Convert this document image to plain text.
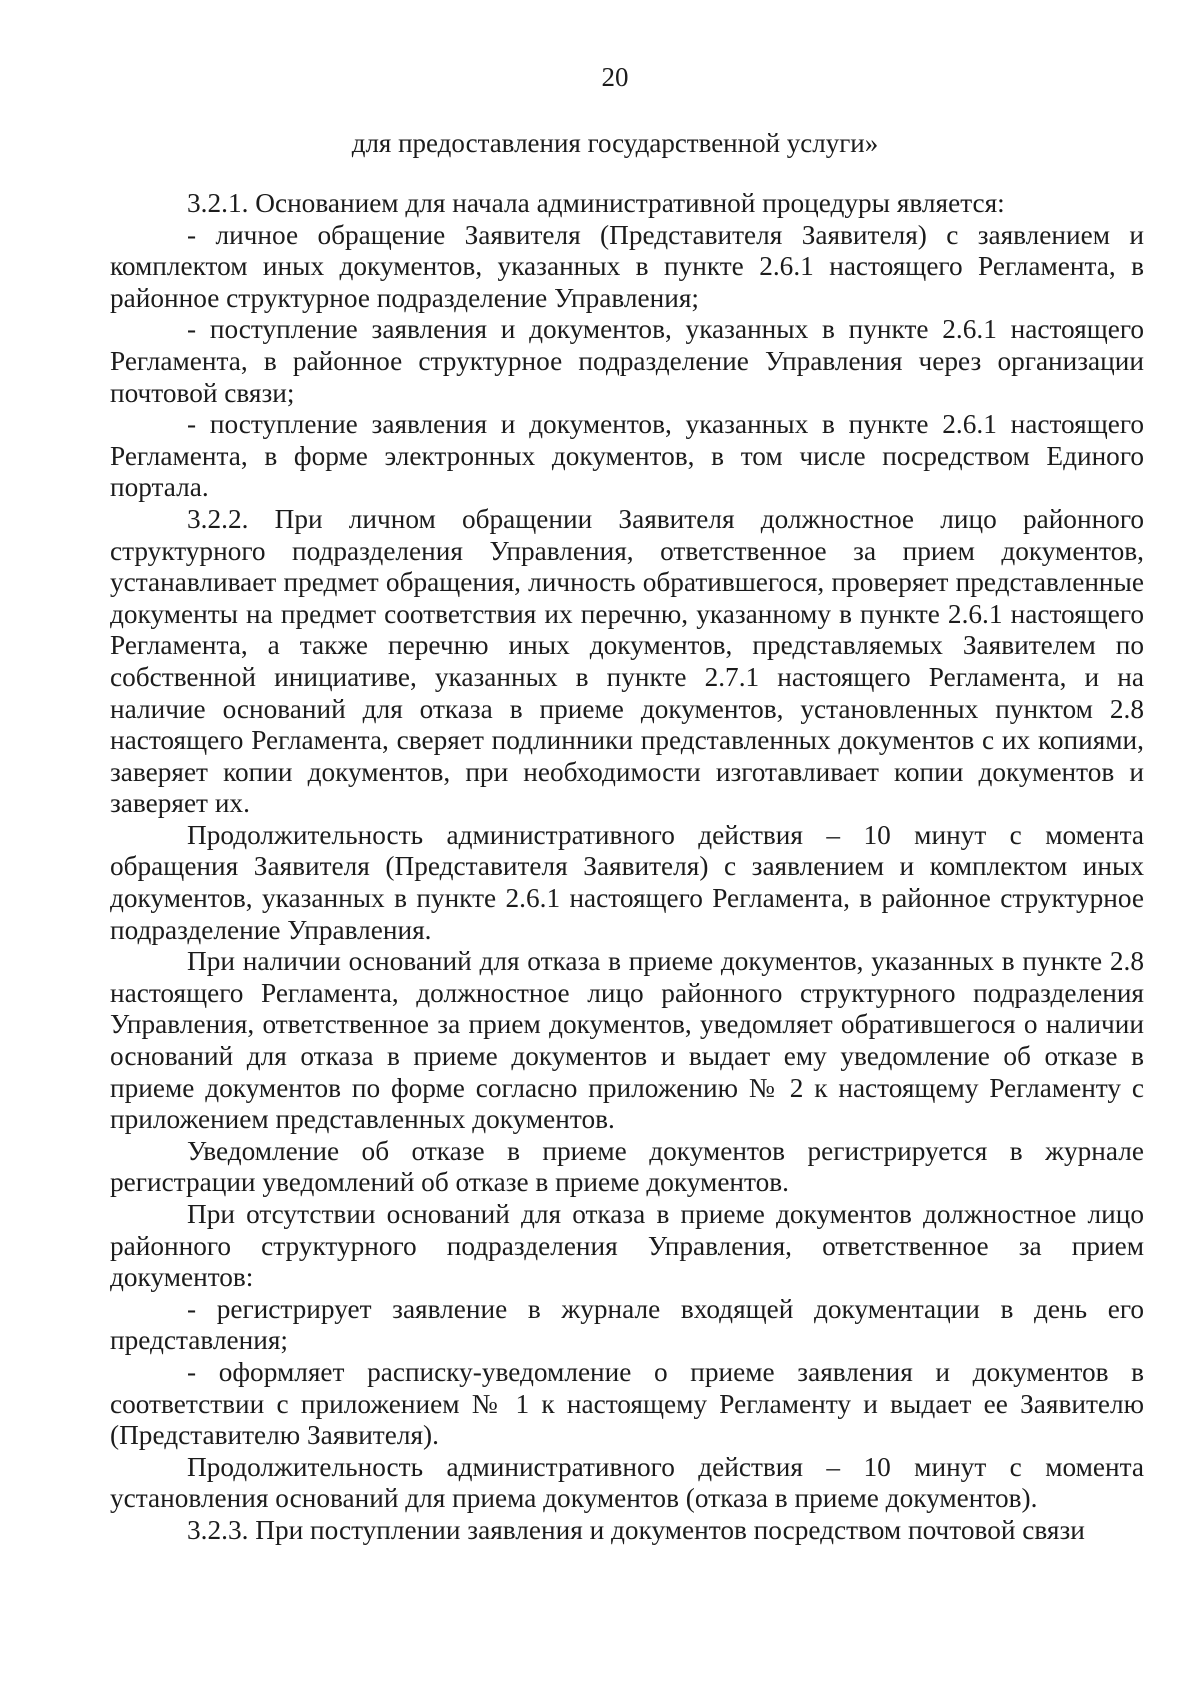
20
для предоставления государственной услуги»

3.2.1. Основанием для начала административной процедуры является:

- личное обращение Заявителя (Представителя Заявителя) с заявлением и комплектом иных документов, указанных в пункте 2.6.1 настоящего Регламента, в районное структурное подразделение Управления;

- поступление заявления и документов, указанных в пункте 2.6.1 настоящего Регламента, в районное структурное подразделение Управления через организации почтовой связи;

- поступление заявления и документов, указанных в пункте 2.6.1 настоящего Регламента, в форме электронных документов, в том числе посредством Единого портала.

3.2.2. При личном обращении Заявителя должностное лицо районного структурного подразделения Управления, ответственное за прием документов, устанавливает предмет обращения, личность обратившегося, проверяет представленные документы на предмет соответствия их перечню, указанному в пункте 2.6.1 настоящего Регламента, а также перечню иных документов, представляемых Заявителем по собственной инициативе, указанных в пункте 2.7.1 настоящего Регламента, и на наличие оснований для отказа в приеме документов, установленных пунктом 2.8 настоящего Регламента, сверяет подлинники представленных документов с их копиями, заверяет копии документов, при необходимости изготавливает копии документов и заверяет их.

Продолжительность административного действия – 10 минут с момента обращения Заявителя (Представителя Заявителя) с заявлением и комплектом иных документов, указанных в пункте 2.6.1 настоящего Регламента, в районное структурное подразделение Управления.

При наличии оснований для отказа в приеме документов, указанных в пункте 2.8 настоящего Регламента, должностное лицо районного структурного подразделения Управления, ответственное за прием документов, уведомляет обратившегося о наличии оснований для отказа в приеме документов и выдает ему уведомление об отказе в приеме документов по форме согласно приложению № 2 к настоящему Регламенту с приложением представленных документов.

Уведомление об отказе в приеме документов регистрируется в журнале регистрации уведомлений об отказе в приеме документов.

При отсутствии оснований для отказа в приеме документов должностное лицо районного структурного подразделения Управления, ответственное за прием документов:

- регистрирует заявление в журнале входящей документации в день его представления;

- оформляет расписку-уведомление о приеме заявления и документов в соответствии с приложением № 1 к настоящему Регламенту и выдает ее Заявителю (Представителю Заявителя).

Продолжительность административного действия – 10 минут с момента установления оснований для приема документов (отказа в приеме документов).

3.2.3. При поступлении заявления и документов посредством почтовой связи
